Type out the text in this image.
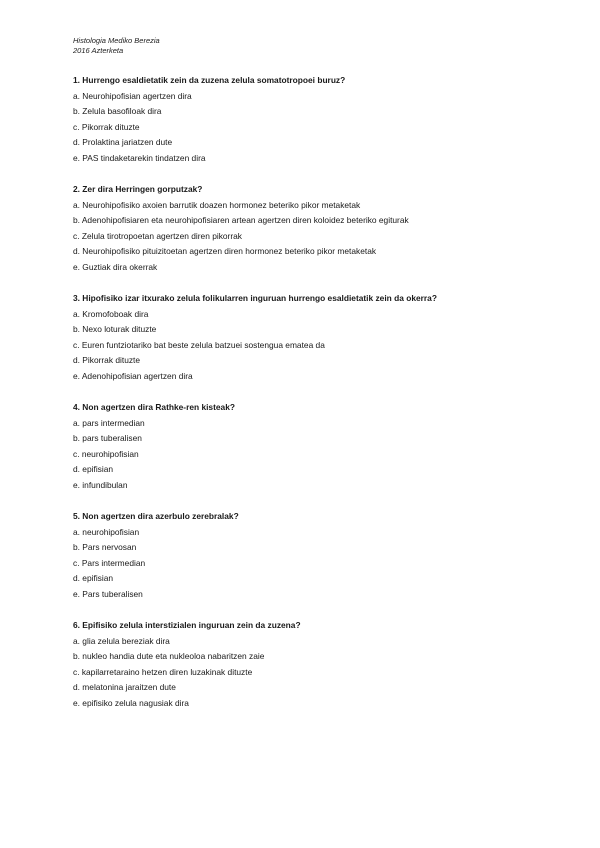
Histologia Mediko Berezia
2016 Azterketa
1. Hurrengo esaldietatik zein da zuzena zelula somatotropoei buruz?
a. Neurohipofisian agertzen dira
b. Zelula basofiloak dira
c. Pikorrak dituzte
d. Prolaktina jariatzen dute
e. PAS tindaketarekin tindatzen dira
2. Zer dira Herringen gorputzak?
a. Neurohipofisiko axoien barrutik doazen hormonez beteriko pikor metaketak
b. Adenohipofisiaren eta neurohipofisiaren artean agertzen diren koloidez beteriko egiturak
c. Zelula tirotropoetan agertzen diren pikorrak
d. Neurohipofisiko pituizitoetan agertzen diren hormonez beteriko pikor metaketak
e. Guztiak dira okerrak
3. Hipofisiko izar itxurako zelula folikularren inguruan hurrengo esaldietatik zein da okerra?
a. Kromofoboak dira
b. Nexo loturak dituzte
c. Euren funtziotariko bat beste zelula batzuei sostengua ematea da
d. Pikorrak dituzte
e. Adenohipofisian agertzen dira
4. Non agertzen dira Rathke-ren kisteak?
a. pars intermedian
b. pars tuberalisen
c. neurohipofisian
d. epifisian
e. infundibulan
5. Non agertzen dira azerbulo zerebralak?
a. neurohipofisian
b. Pars nervosan
c. Pars intermedian
d. epifisian
e. Pars tuberalisen
6. Epifisiko zelula interstizialen inguruan zein da zuzena?
a. glia zelula bereziak dira
b. nukleo handia dute eta nukleoloa nabaritzen zaie
c. kapilarretaraino hetzen diren luzakinak dituzte
d. melatonina jaraitzen dute
e. epifisiko zelula nagusiak dira
